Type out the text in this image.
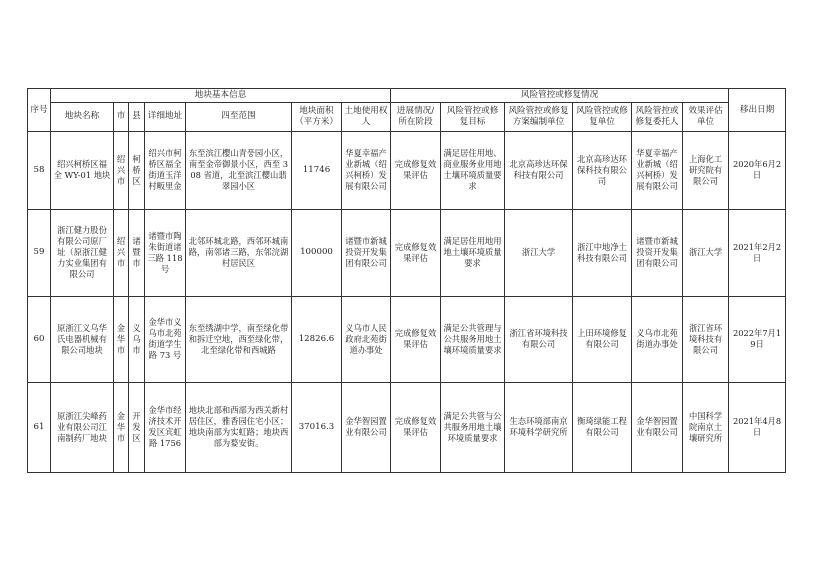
序号	地块基本信息							风险管控或修复情况						移出日期
	地块名称	市	县	详细地址	四至范围	地块面积（平方米）	土地使用权人	进展情况/所在阶段	风险管控或修复目标	风险管控或修复方案编制单位	风险管控或修复单位	风险管控或修复委托人	效果评估单位	
58	绍兴柯桥区福全 WY-01 地块	绍兴市	柯桥区	绍兴市柯桥区福全街道玉洋村畈里金	东至滨江樱山青풍园小区，南至金帝御景小区，西至 308 省道，北至滨江樱山翡翠园小区	11746	华夏幸福产业新城（绍兴柯桥）发展有限公司	完成修复效果评估	满足居住用地、商业服务业用地土壤环境质量要求	北京高珍达环保科技有限公司	北京高珍达环保科技有限公司	华夏幸福产业新城（绍兴柯桥）发展有限公司	上海化工研究院有限公司	2020年6月2日
59	浙江健力股份有限公司原厂址（原浙江健力实业集团有限公司	绍兴市	诸暨市	诸暨市陶朱街道诸三路 118 号	北邻环城北路，西邻环城南路，南邻诸三路，东邻浣湖村居民区	100000	诸暨市新城投资开发集团有限公司	完成修复效果评估	满足居住用地用地土壤环境质量要求	浙江大学	浙江中地净土科技有限公司	诸暨市新城投资开发集团有限公司	浙江大学	2021年2月2日
60	原浙江义乌华氏电器机械有限公司地块	金华市	义乌市	金华市义乌市北苑街道学生路 73 号	东至绣湖中学，南至绿化带和拆迁空地，西至绿化带，北至绿化带和西城路	12826.6	义乌市人民政府北苑街道办事处	完成修复效果评估	满足公共管理与公共服务用地土壤环境质量要求	浙江省环境科技有限公司	上田环境修复有限公司	义乌市北苑街道办事处	浙江省环境科技有限公司	2022年7月19日
61	原浙江尖峰药业有限公司江南制药厂地块	金华市	开发区	金华市经济技术开发区宾虹路 1756	地块北部和西部为西关新村居住区，雅香园住宅小区；地块南部为实虹路；地块西部为婺安街。	37016.3	金华智园置业有限公司	完成修复效果评估	满足公共管与公共服务用地土壤环境质量要求	生态环境部南京环境科学研究所	衡琦绿能工程有限公司	金华智园置业有限公司	中国科学院南京土壤研究所	2021年4月8日
